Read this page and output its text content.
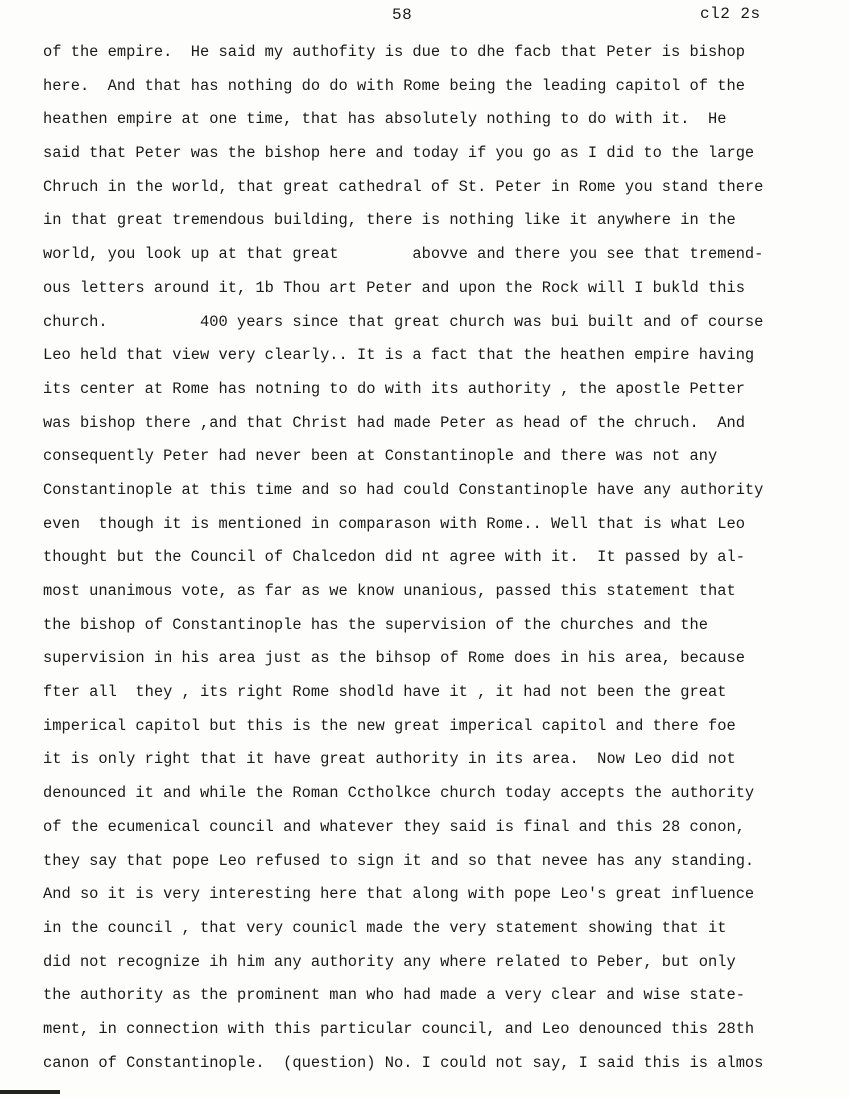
58	cl2 2s
of the empire.  He said my authofity is due to dhe facb that Peter is bishop
here.  And that has nothing do do with Rome being the leading capitol of the
heathen empire at one time, that has absolutely nothing to do with it.  He
said that Peter was the bishop here and today if you go as I did to the large
Chruch in the world, that great cathedral of St. Peter in Rome you stand there
in that great tremendous building, there is nothing like it anywhere in the
world, you look up at that great        abovve and there you see that tremend-
ous letters around it, 1b Thou art Peter and upon the Rock will I bukld this
church.          400 years since that great church was bui built and of course
Leo held that view very clearly.. It is a fact that the heathen empire having
its center at Rome has notning to do with its authority , the apostle Petter
was bishop there ,and that Christ had made Peter as head of the chruch.  And
consequently Peter had never been at Constantinople and there was not any
Constantinople at this time and so had could Constantinople have any authority
even  though it is mentioned in comparason with Rome.. Well that is what Leo
thought but the Council of Chalcedon did nt agree with it.  It passed by al-
most unanimous vote, as far as we know unanious, passed this statement that
the bishop of Constantinople has the supervision of the churches and the
supervision in his area just as the bihsop of Rome does in his area, because
fter all  they , its right Rome shodld have it , it had not been the great
imperical capitol but this is the new great imperical capitol and there foe
it is only right that it have great authority in its area.  Now Leo did not
denounced it and while the Roman Cctholkce church today accepts the authority
of the ecumenical council and whatever they said is final and this 28 conon,
they say that pope Leo refused to sign it and so that nevee has any standing.
And so it is very interesting here that along with pope Leo's great influence
in the council , that very counicl made the very statement showing that it
did not recognize ih him any authority any where related to Peber, but only
the authority as the prominent man who had made a very clear and wise state-
ment, in connection with this particular council, and Leo denounced this 28th
canon of Constantinople.  (question) No. I could not say, I said this is almos
